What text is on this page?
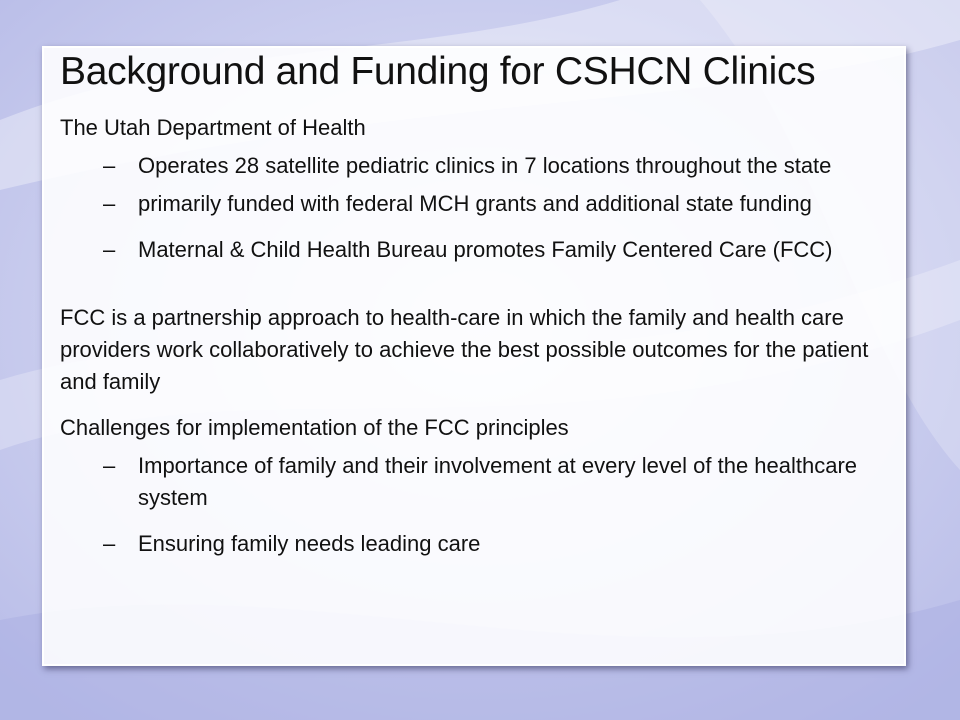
Background and Funding for CSHCN Clinics

The Utah Department of Health

– Operates 28 satellite pediatric clinics in 7 locations throughout the state

– primarily funded with federal MCH grants and additional state funding

– Maternal & Child Health Bureau promotes Family Centered Care (FCC)

FCC is a partnership approach to health-care in which the family and health care providers work collaboratively to achieve the best possible outcomes for the patient and family

Challenges for implementation of the FCC principles

– Importance of family and their involvement at every level of the healthcare system

– Ensuring family needs leading care
